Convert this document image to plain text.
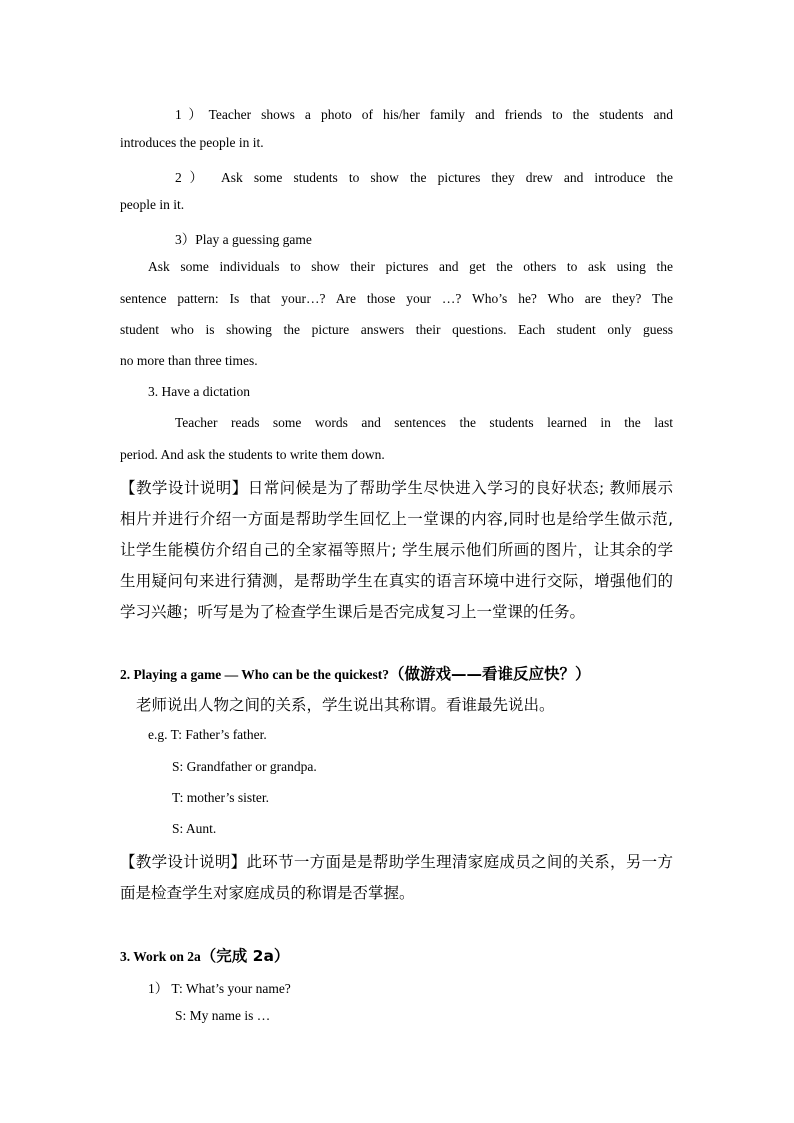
1）Teacher shows a photo of his/her family and friends to the students and
introduces the people in it.
2） Ask some students to show the pictures they drew and introduce the
people in it.
3）Play a guessing game
Ask some individuals to show their pictures and get the others to ask using the
sentence pattern: Is that your…? Are those your …? Who’s he? Who are they? The
student who is showing the picture answers their questions. Each student only guess
no more than three times.
3. Have a dictation
Teacher reads some words and sentences the students learned in the last
period. And ask the students to write them down.
【教学设计说明】日常问候是为了帮助学生尽快进入学习的良好状态; 教师展示
相片并进行介绍一方面是帮助学生回忆上一堂课的内容,同时也是给学生做示范,
让学生能模仿介绍自己的全家福等照片; 学生展示他们所画的图片，让其余的学
生用疑问句来进行猜测，是帮助学生在真实的语言环境中进行交际，增强他们的
学习兴趣；听写是为了检查学生课后是否完成复习上一堂课的任务。
2. Playing a game — Who can be the quickest?（做游戏——看谁反应快？）
老师说出人物之间的关系，学生说出其称谓。看谁最先说出。
e.g. T: Father’s father.
S: Grandfather or grandpa.
T: mother’s sister.
S: Aunt.
【教学设计说明】此环节一方面是是帮助学生理清家庭成员之间的关系，另一方
面是检查学生对家庭成员的称谓是否掌握。
3. Work on 2a（完成 2a）
1） T: What’s your name?
S: My name is …
